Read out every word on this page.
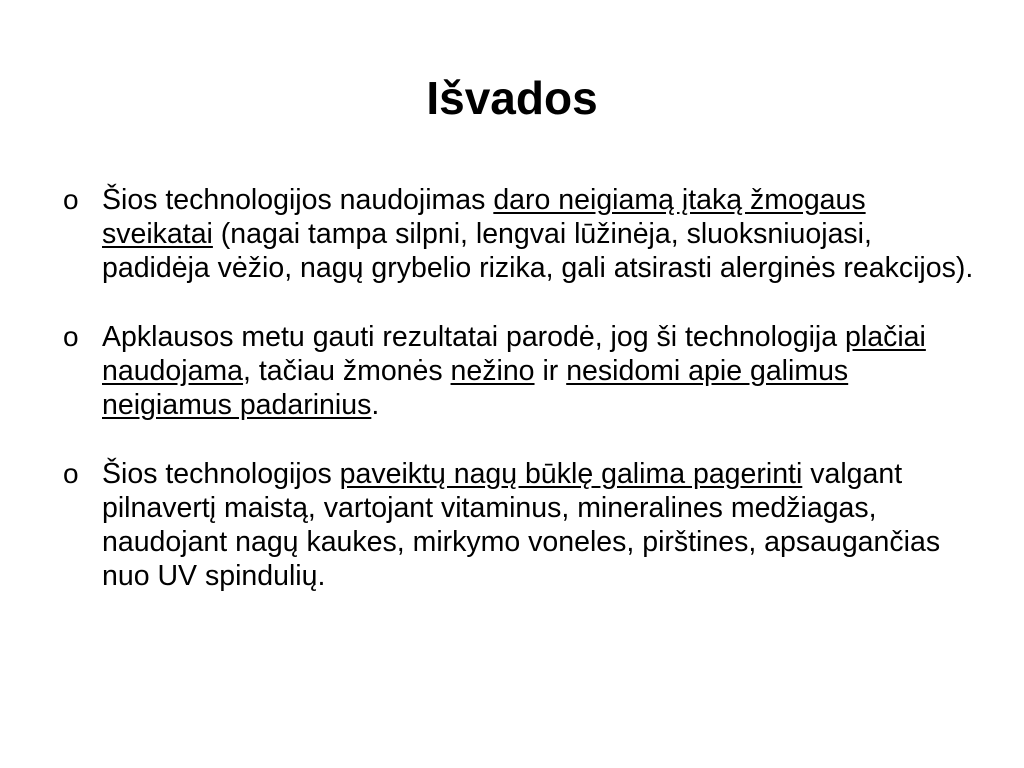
Išvados
o Šios technologijos naudojimas daro neigiamą įtaką žmogaus sveikatai (nagai tampa silpni, lengvai lūžinėja, sluoksniuojasi, padidėja vėžio, nagų grybelio rizika, gali atsirasti alerginės reakcijos).
o Apklausos metu gauti rezultatai parodė, jog ši technologija plačiai naudojama, tačiau žmonės nežino ir nesidomi apie galimus neigiamus padarinius.
o Šios technologijos paveiktų nagų būklę galima pagerinti valgant pilnavertį maistą, vartojant vitaminus, mineralines medžiagas, naudojant nagų kaukes, mirkymo voneles, pirštines, apsaugančias nuo UV spindulių.
